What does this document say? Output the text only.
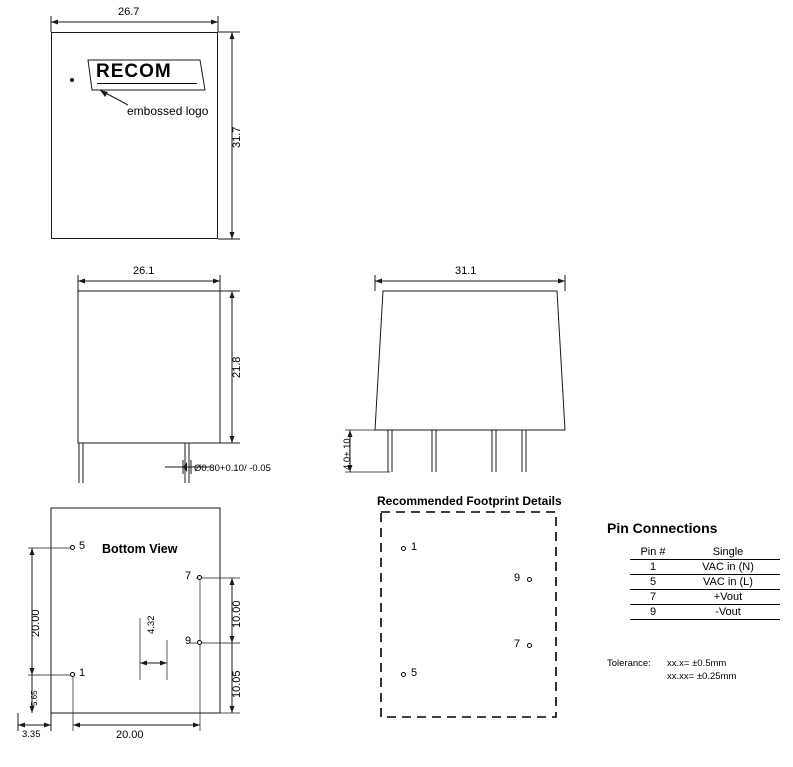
26.7
31.7
RECOM
embossed logo
26.1
21.8
Ø0.80+0.10/ -0.05
31.1
4.0±.10
Bottom View
5
7
9
1
20.00
5.65
10.00
10.05
4.32
3.35	20.00
Recommended Footprint Details
1
9
7
5
Pin Connections
Pin #	Single
1	VAC in (N)
5	VAC in (L)
7	+Vout
9	-Vout
Tolerance: xx.x= ±0.5mm
xx.xx= ±0.25mm
